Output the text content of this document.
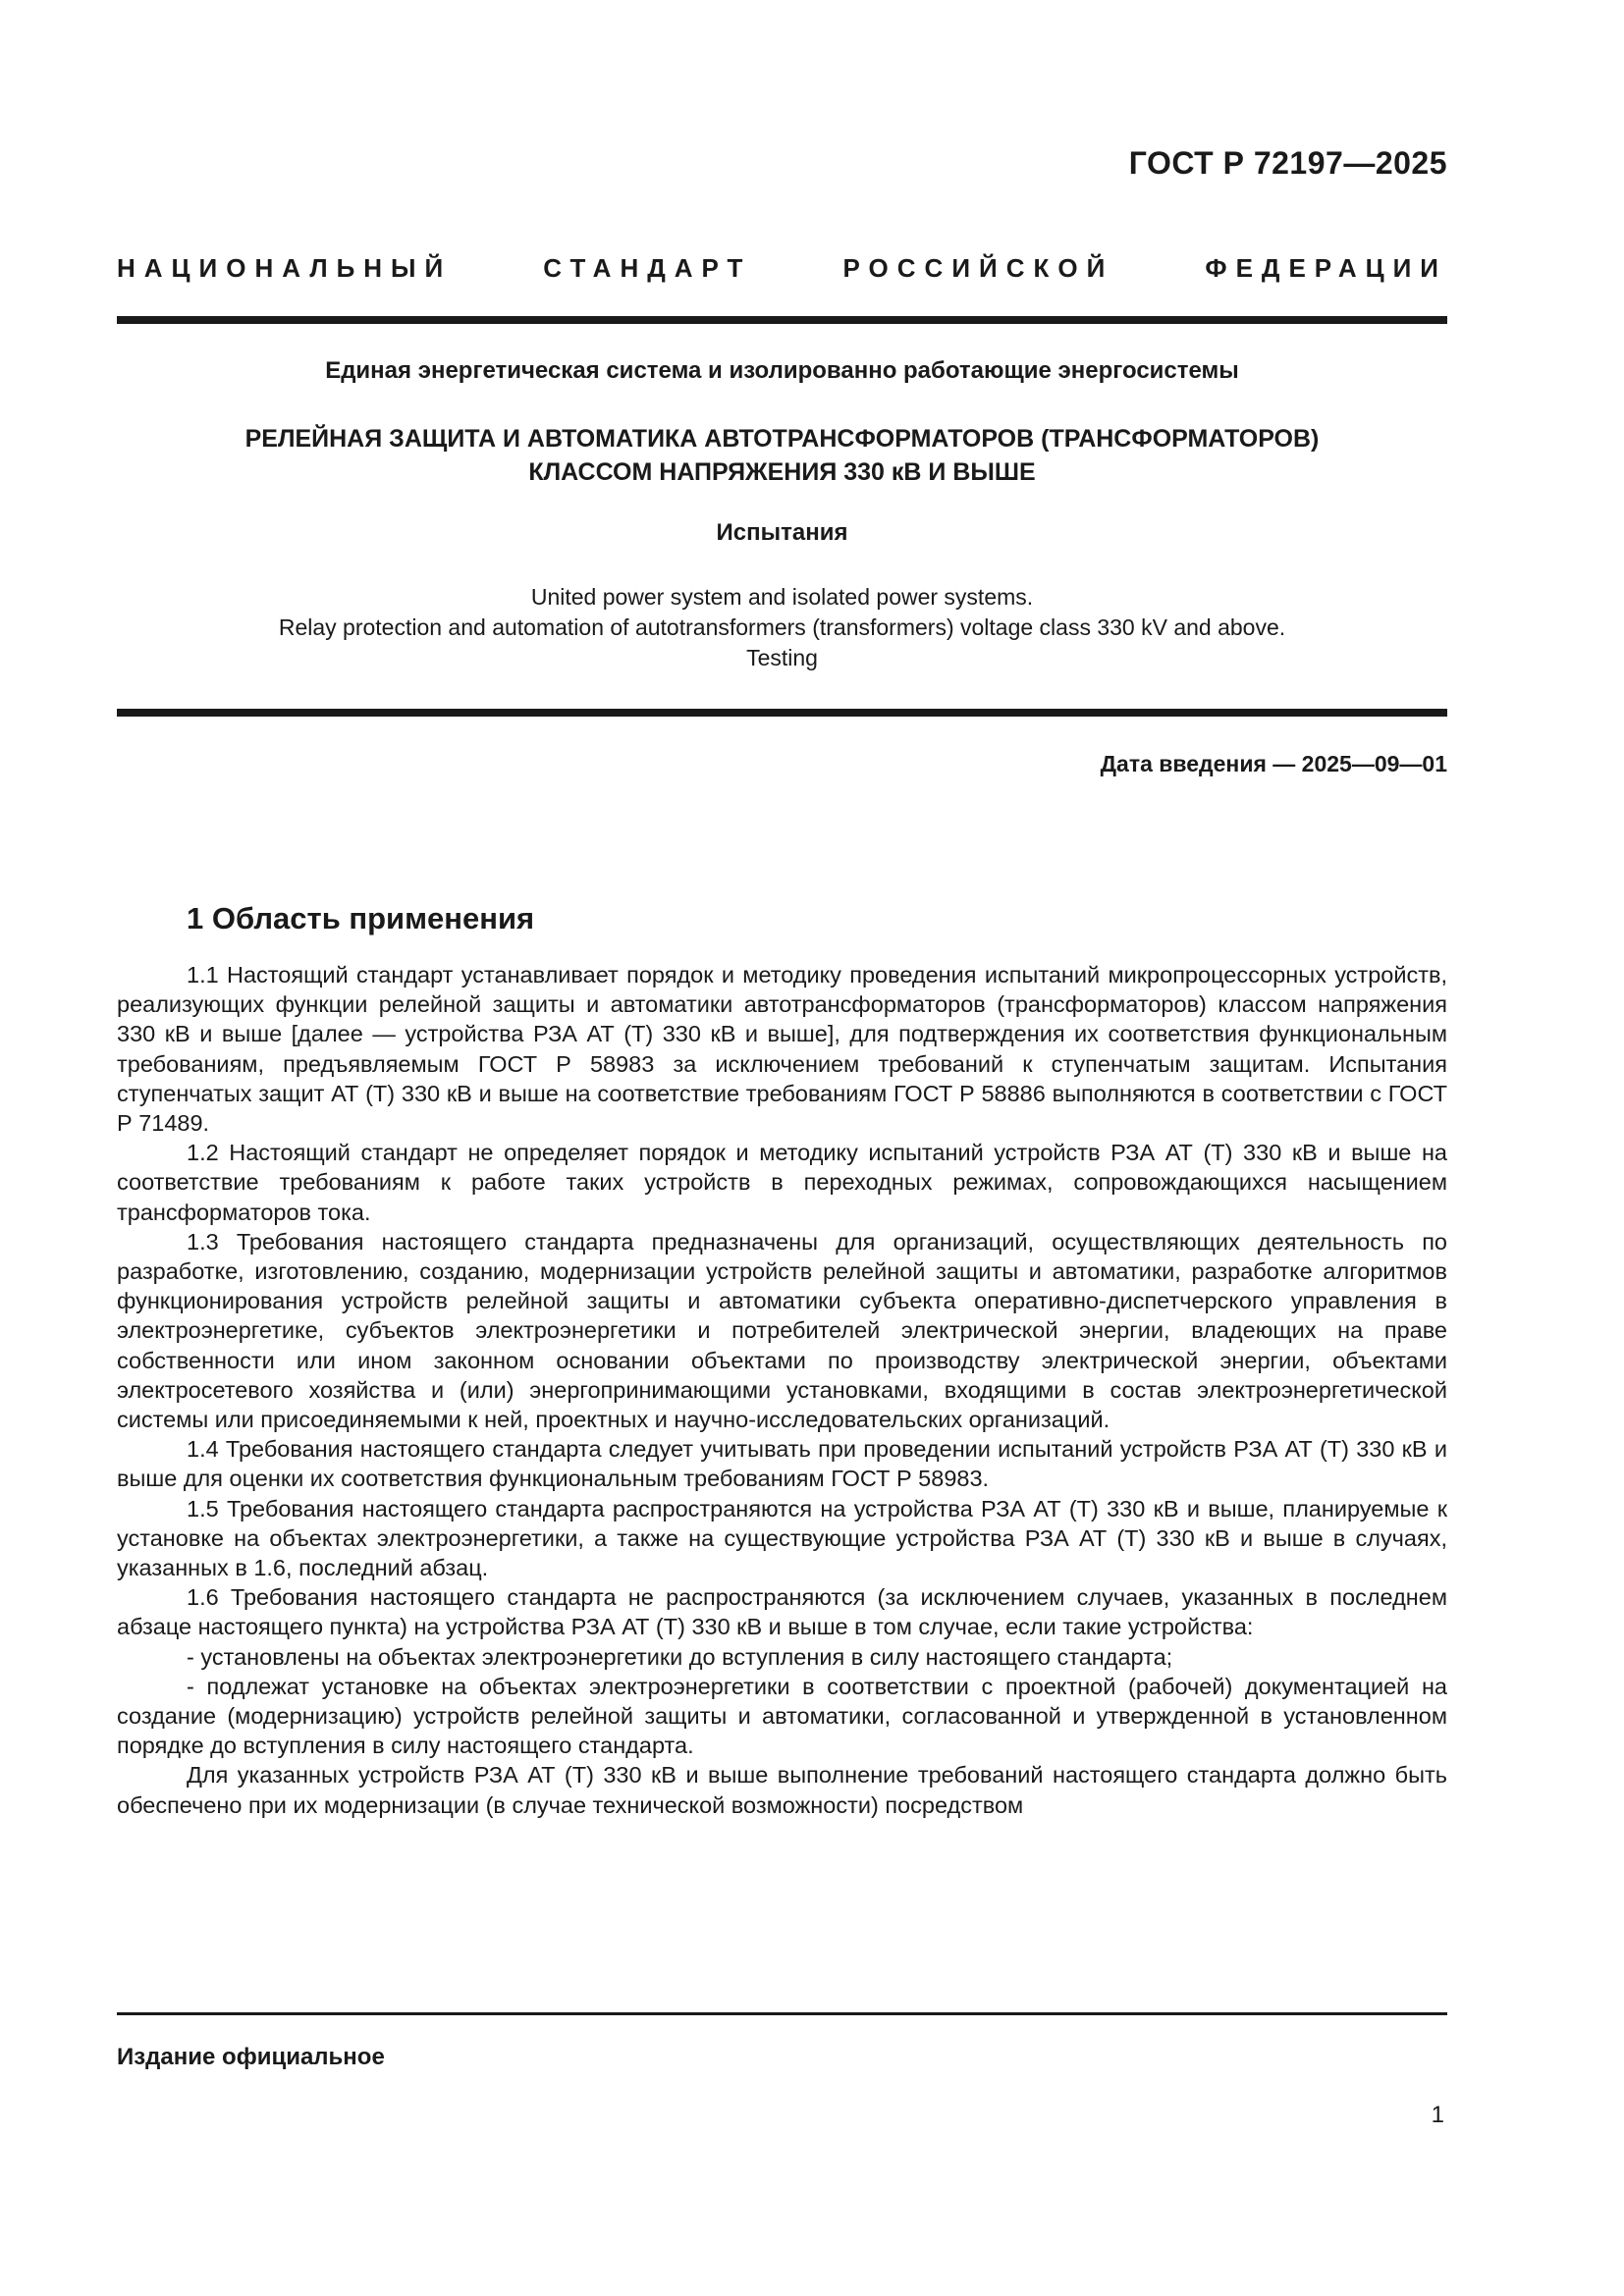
ГОСТ Р 72197—2025
НАЦИОНАЛЬНЫЙ СТАНДАРТ РОССИЙСКОЙ ФЕДЕРАЦИИ
Единая энергетическая система и изолированно работающие энергосистемы
РЕЛЕЙНАЯ ЗАЩИТА И АВТОМАТИКА АВТОТРАНСФОРМАТОРОВ (ТРАНСФОРМАТОРОВ)
КЛАССОМ НАПРЯЖЕНИЯ 330 кВ И ВЫШЕ
Испытания
United power system and isolated power systems.
Relay protection and automation of autotransformers (transformers) voltage class 330 kV and above.
Testing
Дата введения — 2025—09—01
1 Область применения

1.1 Настоящий стандарт устанавливает порядок и методику проведения испытаний микропроцессорных устройств, реализующих функции релейной защиты и автоматики автотрансформаторов (трансформаторов) классом напряжения 330 кВ и выше [далее — устройства РЗА АТ (Т) 330 кВ и выше], для подтверждения их соответствия функциональным требованиям, предъявляемым ГОСТ Р 58983 за исключением требований к ступенчатым защитам. Испытания ступенчатых защит АТ (Т) 330 кВ и выше на соответствие требованиям ГОСТ Р 58886 выполняются в соответствии с ГОСТ Р 71489.

1.2 Настоящий стандарт не определяет порядок и методику испытаний устройств РЗА АТ (Т) 330 кВ и выше на соответствие требованиям к работе таких устройств в переходных режимах, сопровождающихся насыщением трансформаторов тока.

1.3 Требования настоящего стандарта предназначены для организаций, осуществляющих деятельность по разработке, изготовлению, созданию, модернизации устройств релейной защиты и автоматики, разработке алгоритмов функционирования устройств релейной защиты и автоматики субъекта оперативно-диспетчерского управления в электроэнергетике, субъектов электроэнергетики и потребителей электрической энергии, владеющих на праве собственности или ином законном основании объектами по производству электрической энергии, объектами электросетевого хозяйства и (или) энергопринимающими установками, входящими в состав электроэнергетической системы или присоединяемыми к ней, проектных и научно-исследовательских организаций.

1.4 Требования настоящего стандарта следует учитывать при проведении испытаний устройств РЗА АТ (Т) 330 кВ и выше для оценки их соответствия функциональным требованиям ГОСТ Р 58983.

1.5 Требования настоящего стандарта распространяются на устройства РЗА АТ (Т) 330 кВ и выше, планируемые к установке на объектах электроэнергетики, а также на существующие устройства РЗА АТ (Т) 330 кВ и выше в случаях, указанных в 1.6, последний абзац.

1.6 Требования настоящего стандарта не распространяются (за исключением случаев, указанных в последнем абзаце настоящего пункта) на устройства РЗА АТ (Т) 330 кВ и выше в том случае, если такие устройства:

- установлены на объектах электроэнергетики до вступления в силу настоящего стандарта;

- подлежат установке на объектах электроэнергетики в соответствии с проектной (рабочей) документацией на создание (модернизацию) устройств релейной защиты и автоматики, согласованной и утвержденной в установленном порядке до вступления в силу настоящего стандарта.

Для указанных устройств РЗА АТ (Т) 330 кВ и выше выполнение требований настоящего стандарта должно быть обеспечено при их модернизации (в случае технической возможности) посредством

Издание официальное
1
